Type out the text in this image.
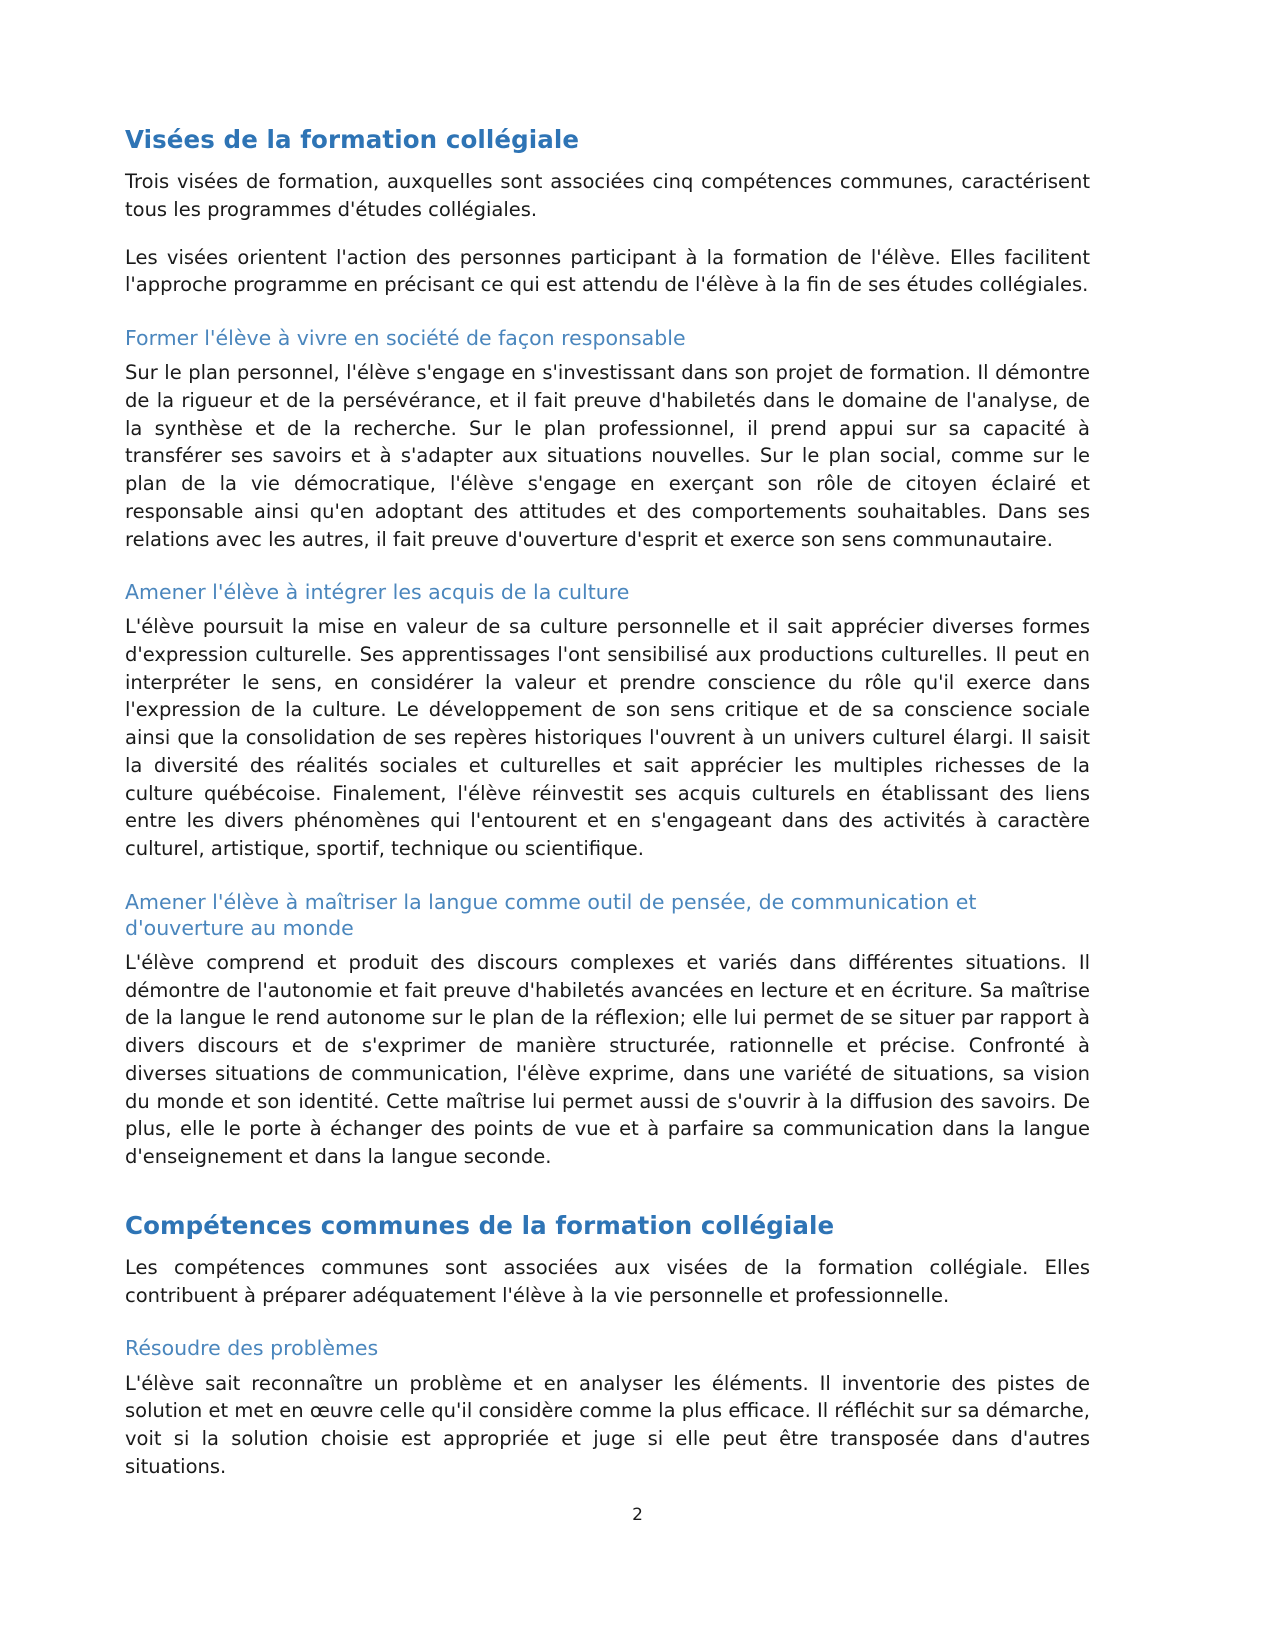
Visées de la formation collégiale

Trois visées de formation, auxquelles sont associées cinq compétences communes, caractérisent tous les programmes d'études collégiales.

Les visées orientent l'action des personnes participant à la formation de l'élève. Elles facilitent l'approche programme en précisant ce qui est attendu de l'élève à la fin de ses études collégiales.

Former l'élève à vivre en société de façon responsable

Sur le plan personnel, l'élève s'engage en s'investissant dans son projet de formation. Il démontre de la rigueur et de la persévérance, et il fait preuve d'habiletés dans le domaine de l'analyse, de la synthèse et de la recherche. Sur le plan professionnel, il prend appui sur sa capacité à transférer ses savoirs et à s'adapter aux situations nouvelles. Sur le plan social, comme sur le plan de la vie démocratique, l'élève s'engage en exerçant son rôle de citoyen éclairé et responsable ainsi qu'en adoptant des attitudes et des comportements souhaitables. Dans ses relations avec les autres, il fait preuve d'ouverture d'esprit et exerce son sens communautaire.

Amener l'élève à intégrer les acquis de la culture

L'élève poursuit la mise en valeur de sa culture personnelle et il sait apprécier diverses formes d'expression culturelle. Ses apprentissages l'ont sensibilisé aux productions culturelles. Il peut en interpréter le sens, en considérer la valeur et prendre conscience du rôle qu'il exerce dans l'expression de la culture. Le développement de son sens critique et de sa conscience sociale ainsi que la consolidation de ses repères historiques l'ouvrent à un univers culturel élargi. Il saisit la diversité des réalités sociales et culturelles et sait apprécier les multiples richesses de la culture québécoise. Finalement, l'élève réinvestit ses acquis culturels en établissant des liens entre les divers phénomènes qui l'entourent et en s'engageant dans des activités à caractère culturel, artistique, sportif, technique ou scientifique.

Amener l'élève à maîtriser la langue comme outil de pensée, de communication et d'ouverture au monde

L'élève comprend et produit des discours complexes et variés dans différentes situations. Il démontre de l'autonomie et fait preuve d'habiletés avancées en lecture et en écriture. Sa maîtrise de la langue le rend autonome sur le plan de la réflexion; elle lui permet de se situer par rapport à divers discours et de s'exprimer de manière structurée, rationnelle et précise. Confronté à diverses situations de communication, l'élève exprime, dans une variété de situations, sa vision du monde et son identité. Cette maîtrise lui permet aussi de s'ouvrir à la diffusion des savoirs. De plus, elle le porte à échanger des points de vue et à parfaire sa communication dans la langue d'enseignement et dans la langue seconde.

Compétences communes de la formation collégiale

Les compétences communes sont associées aux visées de la formation collégiale. Elles contribuent à préparer adéquatement l'élève à la vie personnelle et professionnelle.

Résoudre des problèmes

L'élève sait reconnaître un problème et en analyser les éléments. Il inventorie des pistes de solution et met en œuvre celle qu'il considère comme la plus efficace. Il réfléchit sur sa démarche, voit si la solution choisie est appropriée et juge si elle peut être transposée dans d'autres situations.

2
